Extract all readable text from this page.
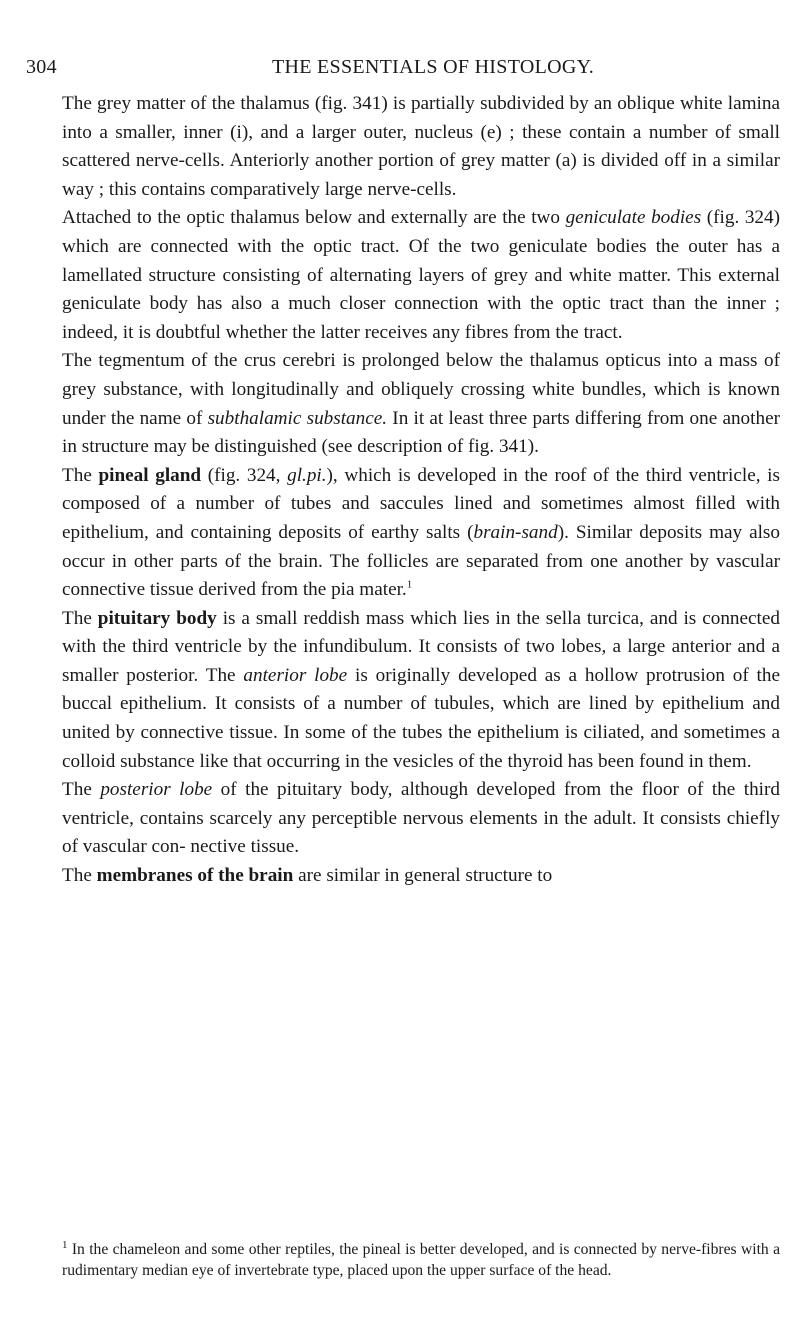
304	THE ESSENTIALS OF HISTOLOGY.

The grey matter of the thalamus (fig. 341) is partially subdivided by an oblique white lamina into a smaller, inner (i), and a larger outer, nucleus (e) ; these contain a number of small scattered nerve-cells. Anteriorly another portion of grey matter (a) is divided off in a similar way ; this contains comparatively large nerve-cells.

Attached to the optic thalamus below and externally are the two geniculate bodies (fig. 324) which are connected with the optic tract. Of the two geniculate bodies the outer has a lamellated structure consisting of alternating layers of grey and white matter. This external geniculate body has also a much closer connection with the optic tract than the inner ; indeed, it is doubtful whether the latter receives any fibres from the tract.

The tegmentum of the crus cerebri is prolonged below the thalamus opticus into a mass of grey substance, with longitudinally and obliquely crossing white bundles, which is known under the name of subthalamic substance. In it at least three parts differing from one another in structure may be distinguished (see description of fig. 341).

The pineal gland (fig. 324, gl.pi.), which is developed in the roof of the third ventricle, is composed of a number of tubes and saccules lined and sometimes almost filled with epithelium, and containing deposits of earthy salts (brain-sand). Similar deposits may also occur in other parts of the brain. The follicles are separated from one another by vascular connective tissue derived from the pia mater.$^1$

The pituitary body is a small reddish mass which lies in the sella turcica, and is connected with the third ventricle by the infundibulum. It consists of two lobes, a large anterior and a smaller posterior. The anterior lobe is originally developed as a hollow protrusion of the buccal epithelium. It consists of a number of tubules, which are lined by epithelium and united by connective tissue. In some of the tubes the epithelium is ciliated, and sometimes a colloid substance like that occurring in the vesicles of the thyroid has been found in them.

The posterior lobe of the pituitary body, although developed from the floor of the third ventricle, contains scarcely any perceptible nervous elements in the adult. It consists chiefly of vascular con- nective tissue.

The membranes of the brain are similar in general structure to

$^1$ In the chameleon and some other reptiles, the pineal is better developed, and is connected by nerve-fibres with a rudimentary median eye of invertebrate type, placed upon the upper surface of the head.
